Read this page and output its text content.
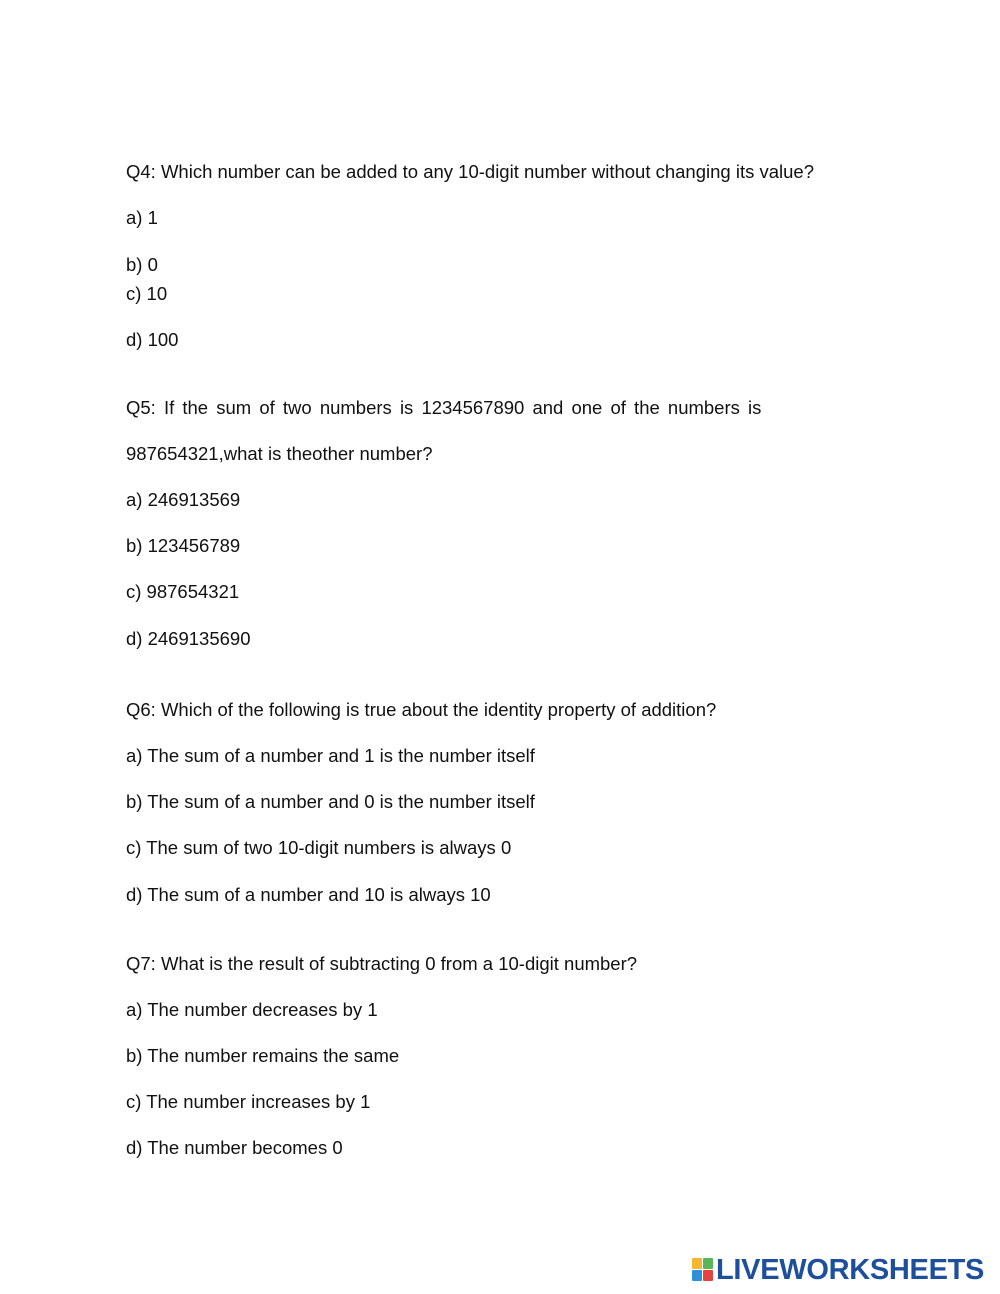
Q4: Which number can be added to any 10-digit number without changing its value?
a) 1
b) 0
c) 10
d) 100
Q5: If the sum of two numbers is 1234567890 and one of the numbers is
987654321,what is theother number?
a) 246913569
b) 123456789
c) 987654321
d) 2469135690
Q6: Which of the following is true about the identity property of addition?
a) The sum of a number and 1 is the number itself
b) The sum of a number and 0 is the number itself
c) The sum of two 10-digit numbers is always 0
d) The sum of a number and 10 is always 10
Q7: What is the result of subtracting 0 from a 10-digit number?
a) The number decreases by 1
b) The number remains the same
c) The number increases by 1
d) The number becomes 0
LIVEWORKSHEETS
